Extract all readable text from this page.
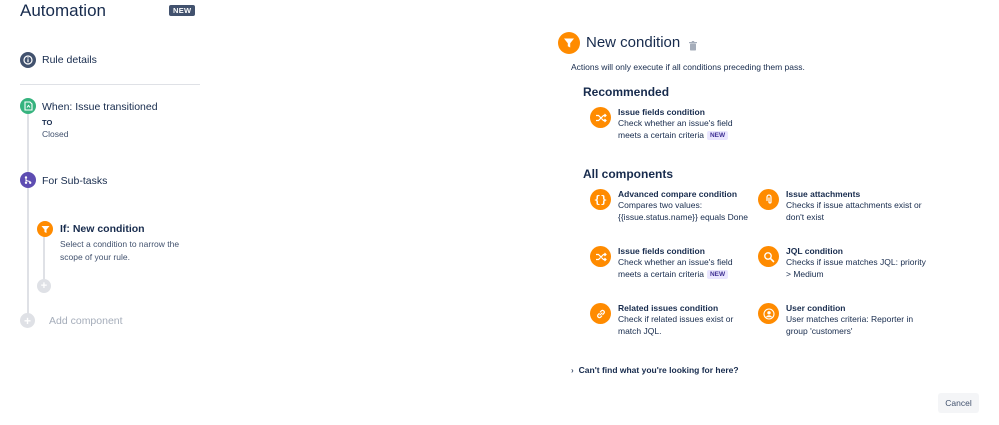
Automation	NEW
Rule details
When: Issue transitioned
TO
Closed
For Sub-tasks
If: New condition
Select a condition to narrow the scope of your rule.
+
+	Add component
New condition
Actions will only execute if all conditions preceding them pass.
Recommended
Issue fields condition
Check whether an issue's field meets a certain criteria NEW
All components
{} Advanced compare condition
Compares two values: {{issue.status.name}} equals Done
Issue attachments
Checks if issue attachments exist or don't exist
Issue fields condition
Check whether an issue's field meets a certain criteria NEW
JQL condition
Checks if issue matches JQL: priority > Medium
Related issues condition
Check if related issues exist or match JQL.
User condition
User matches criteria: Reporter in group 'customers'
› Can't find what you're looking for here?
Cancel
